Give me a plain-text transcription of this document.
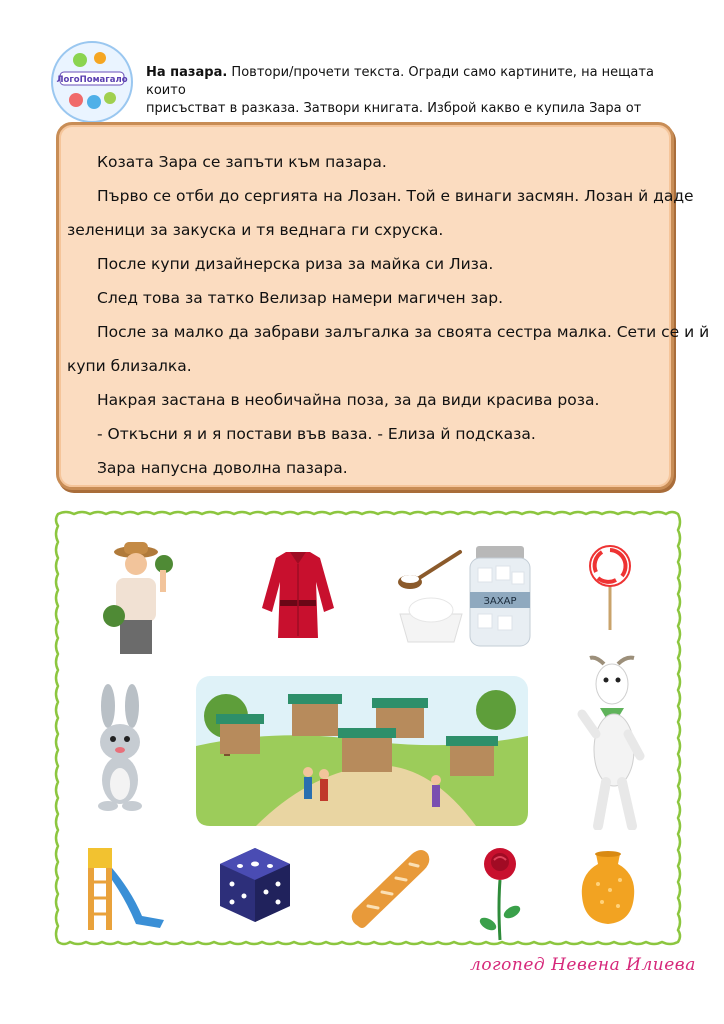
ЛогоПомагало На пазара. Повтори/прочети текста. Огради само картините, на нещата които
присъстват в разказа. Затвори книгата. Изброй какво е купила Зара от

Козата Зара се запъти към пазара.

Първо се отби до сергията на Лозан. Той е винаги засмян. Лозан й даде

зеленици за закуска и тя веднага ги схруска.

После купи дизайнерска риза за майка си Лиза.

След това за татко Велизар намери магичен зар.

После за малко да забрави залъгалка за своята сестра малка. Сети се и й

купи близалка.

Накрая застана в необичайна поза, за да види красива роза.

- Откъсни я и я постави във ваза. - Елиза й подсказа.

Зара напусна доволна пазара.

ЗАХАР
логопед Невена Илиева
